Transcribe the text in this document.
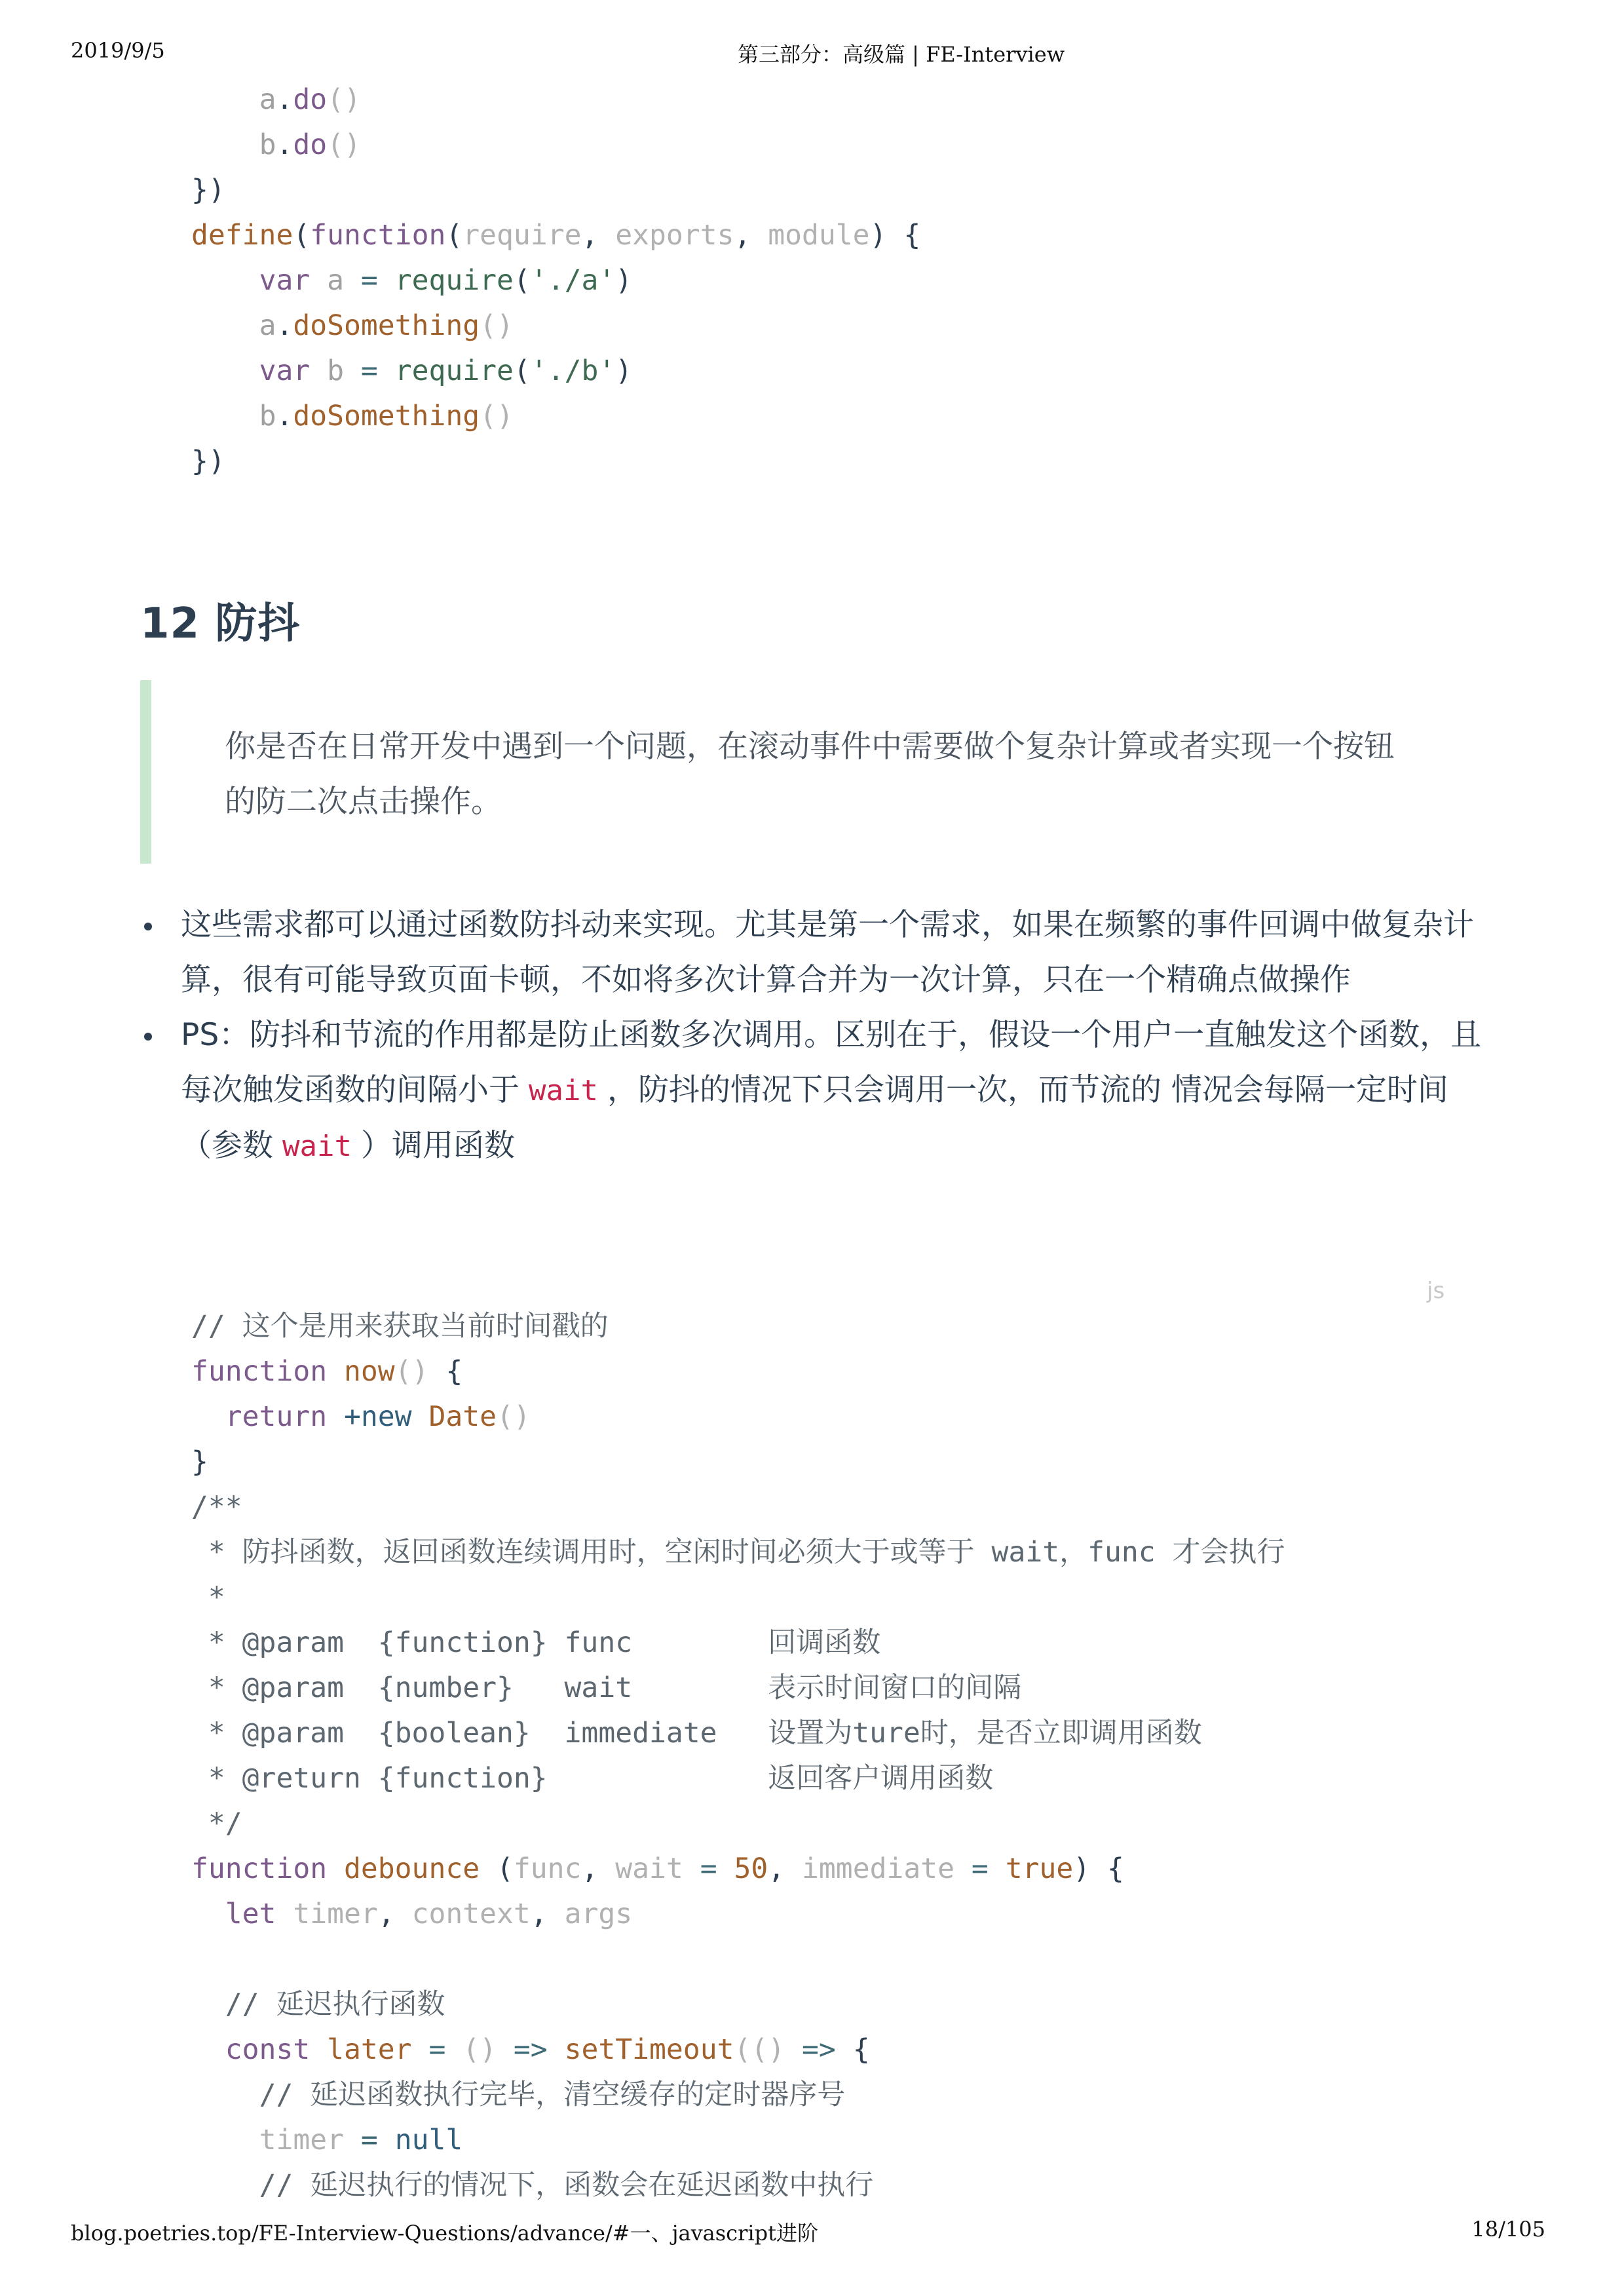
2019/9/5	第三部分：高级篇 | FE-Interview
a.do()
b.do()
})
define(function(require, exports, module) {
var a = require('./a')
a.doSomething()
var b = require('./b')
b.doSomething()
})
12 防抖

你是否在日常开发中遇到一个问题，在滚动事件中需要做个复杂计算或者实现一个按钮的防二次点击操作。

这些需求都可以通过函数防抖动来实现。尤其是第一个需求，如果在频繁的事件回调中做复杂计算，很有可能导致页面卡顿，不如将多次计算合并为一次计算，只在一个精确点做操作
PS：防抖和节流的作用都是防止函数多次调用。区别在于，假设一个用户一直触发这个函数，且每次触发函数的间隔小于 wait ，防抖的情况下只会调用一次，而节流的 情况会每隔一定时间（参数 wait ）调用函数
js
// 这个是用来获取当前时间戳的
function now() {
return +new Date()
}
/**
* 防抖函数，返回函数连续调用时，空闲时间必须大于或等于 wait，func 才会执行
*
* @param  {function} func        回调函数
* @param  {number}   wait        表示时间窗口的间隔
* @param  {boolean}  immediate   设置为ture时，是否立即调用函数
* @return {function}             返回客户调用函数
*/
function debounce (func, wait = 50, immediate = true) {
let timer, context, args

// 延迟执行函数
const later = () => setTimeout(() => {
// 延迟函数执行完毕，清空缓存的定时器序号
timer = null
// 延迟执行的情况下，函数会在延迟函数中执行
blog.poetries.top/FE-Interview-Questions/advance/#一、javascript进阶	18/105
